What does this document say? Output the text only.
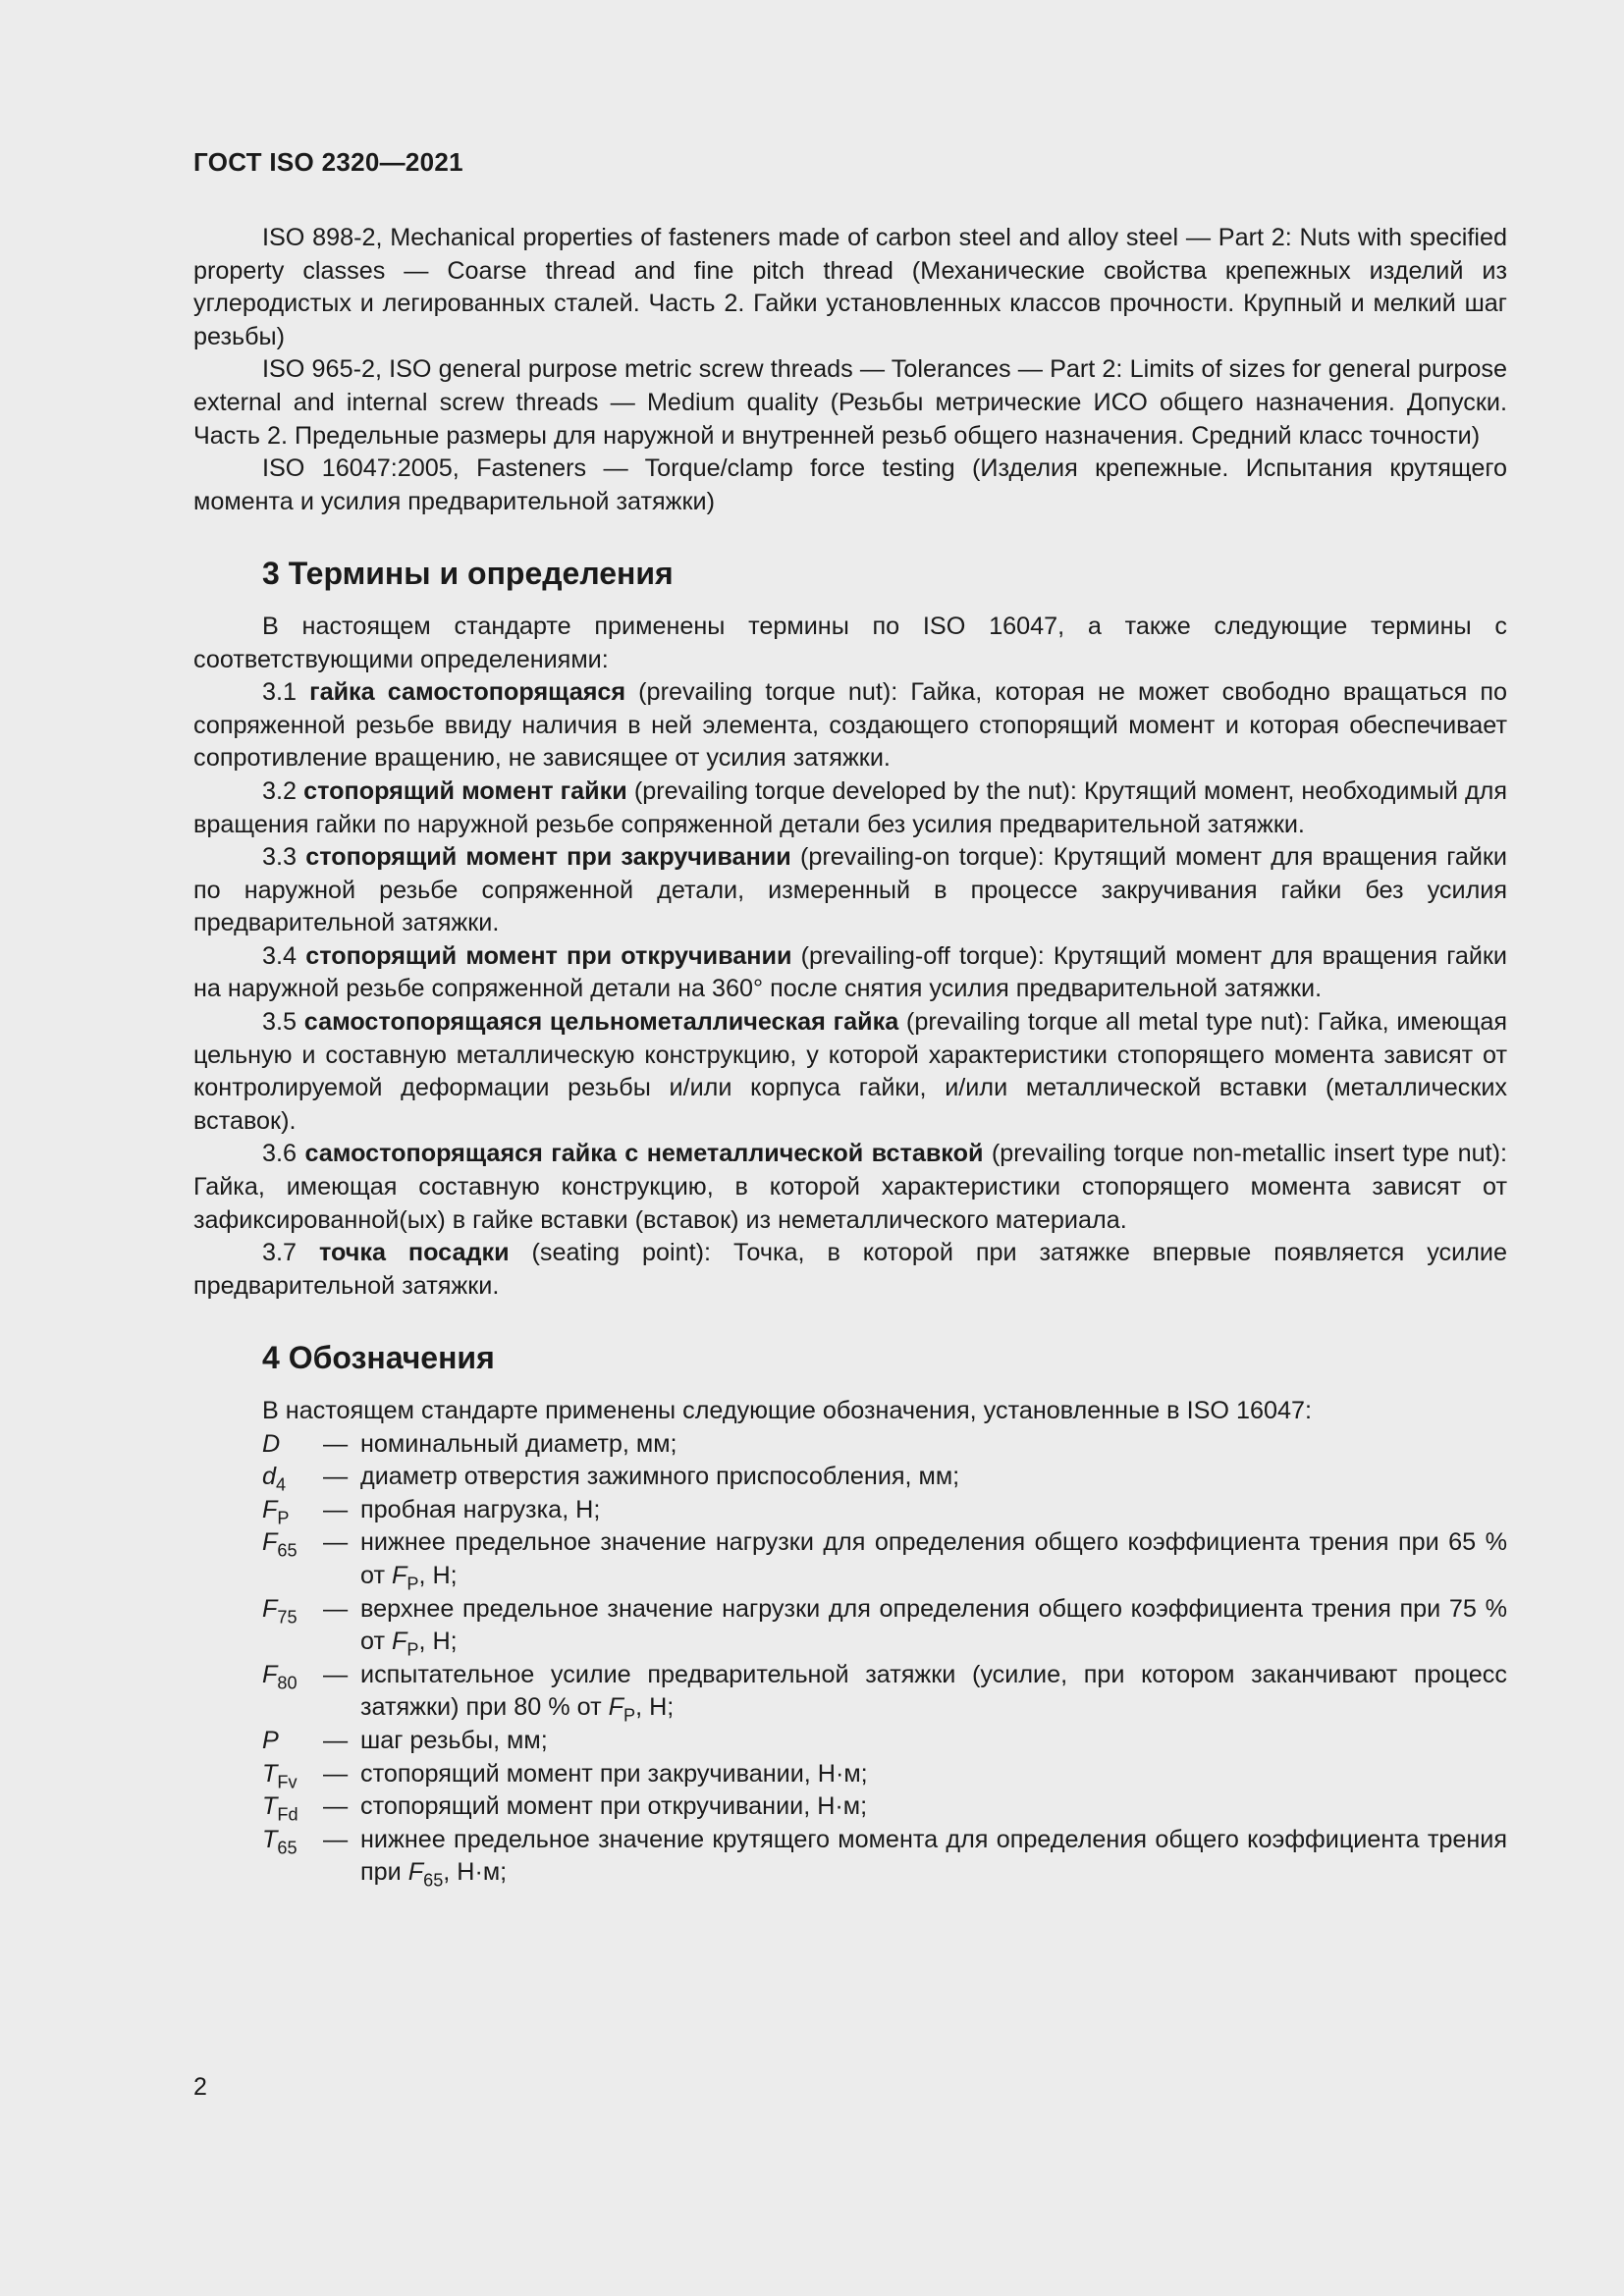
ГОСТ ISO 2320—2021

ISO 898-2, Mechanical properties of fasteners made of carbon steel and alloy steel — Part 2: Nuts with specified property classes — Coarse thread and fine pitch thread (Механические свойства крепежных изделий из углеродистых и легированных сталей. Часть 2. Гайки установленных классов прочности. Крупный и мелкий шаг резьбы)

ISO 965-2, ISO general purpose metric screw threads — Tolerances — Part 2: Limits of sizes for general purpose external and internal screw threads — Medium quality (Резьбы метрические ИСО общего назначения. Допуски. Часть 2. Предельные размеры для наружной и внутренней резьб общего назначения. Средний класс точности)

ISO 16047:2005, Fasteners — Torque/clamp force testing (Изделия крепежные. Испытания крутящего момента и усилия предварительной затяжки)

3 Термины и определения

В настоящем стандарте применены термины по ISO 16047, а также следующие термины с соответствующими определениями:

3.1 гайка самостопорящаяся (prevailing torque nut): Гайка, которая не может свободно вращаться по сопряженной резьбе ввиду наличия в ней элемента, создающего стопорящий момент и которая обеспечивает сопротивление вращению, не зависящее от усилия затяжки.

3.2 стопорящий момент гайки (prevailing torque developed by the nut): Крутящий момент, необходимый для вращения гайки по наружной резьбе сопряженной детали без усилия предварительной затяжки.

3.3 стопорящий момент при закручивании (prevailing-on torque): Крутящий момент для вращения гайки по наружной резьбе сопряженной детали, измеренный в процессе закручивания гайки без усилия предварительной затяжки.

3.4 стопорящий момент при откручивании (prevailing-off torque): Крутящий момент для вращения гайки на наружной резьбе сопряженной детали на 360° после снятия усилия предварительной затяжки.

3.5 самостопорящаяся цельнометаллическая гайка (prevailing torque all metal type nut): Гайка, имеющая цельную и составную металлическую конструкцию, у которой характеристики стопорящего момента зависят от контролируемой деформации резьбы и/или корпуса гайки, и/или металлической вставки (металлических вставок).

3.6 самостопорящаяся гайка с неметаллической вставкой (prevailing torque non-metallic insert type nut): Гайка, имеющая составную конструкцию, в которой характеристики стопорящего момента зависят от зафиксированной(ых) в гайке вставки (вставок) из неметаллического материала.

3.7 точка посадки (seating point): Точка, в которой при затяжке впервые появляется усилие предварительной затяжки.

4 Обозначения

В настоящем стандарте применены следующие обозначения, установленные в ISO 16047:

D	— номинальный диаметр, мм;
$d_4$	— диаметр отверстия зажимного приспособления, мм;
$F_P$	— пробная нагрузка, Н;
$F_{65}$	— нижнее предельное значение нагрузки для определения общего коэффициента трения при 65 % от $F_P$, Н;
$F_{75}$	— верхнее предельное значение нагрузки для определения общего коэффициента трения при 75 % от $F_P$, Н;
$F_{80}$	— испытательное усилие предварительной затяжки (усилие, при котором заканчивают процесс затяжки) при 80 % от $F_P$, Н;
P	— шаг резьбы, мм;
$T_{Fv}$	— стопорящий момент при закручивании, Н·м;
$T_{Fd}$	— стопорящий момент при откручивании, Н·м;
$T_{65}$	— нижнее предельное значение крутящего момента для определения общего коэффициента трения при $F_{65}$, Н·м;
2
